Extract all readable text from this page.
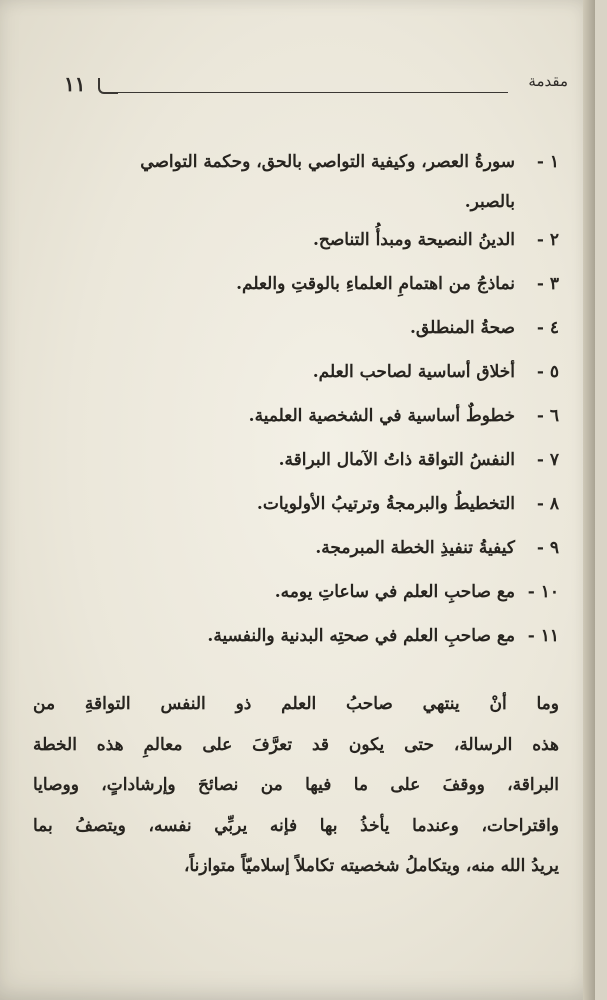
١١	مقدمة
١ -سورةُ العصر، وكيفية التواصي بالحق، وحكمة التواصي
بالصبر.
٢ -الدينُ النصيحة ومبدأُ التناصح.
٣ -نماذجُ من اهتمامِ العلماءِ بالوقتِ والعلم.
٤ -صحةُ المنطلق.
٥ -أخلاق أساسية لصاحب العلم.
٦ -خطوطٌ أساسية في الشخصية العلمية.
٧ -النفسُ التواقة ذاتُ الآمال البراقة.
٨ -التخطيطُ والبرمجةُ وترتيبُ الأولويات.
٩ -كيفيةُ تنفيذِ الخطة المبرمجة.
١٠ -مع صاحبِ العلم في ساعاتِ يومه.
١١ -مع صاحبِ العلم في صحتِه البدنية والنفسية.

وما أنْ ينتهي صاحبُ العلم ذو النفس التواقةِ من
هذه الرسالة، حتى يكون قد تعرَّفَ على معالمِ هذه الخطة
البراقة، ووقفَ على ما فيها من نصائحَ وإرشاداتٍ، ووصايا
واقتراحات، وعندما يأخذُ بها فإنه يربِّي نفسه، ويتصفُ بما
يريدُ الله منه، ويتكاملُ شخصيته تكاملاً إسلاميّاً متوازناً،
